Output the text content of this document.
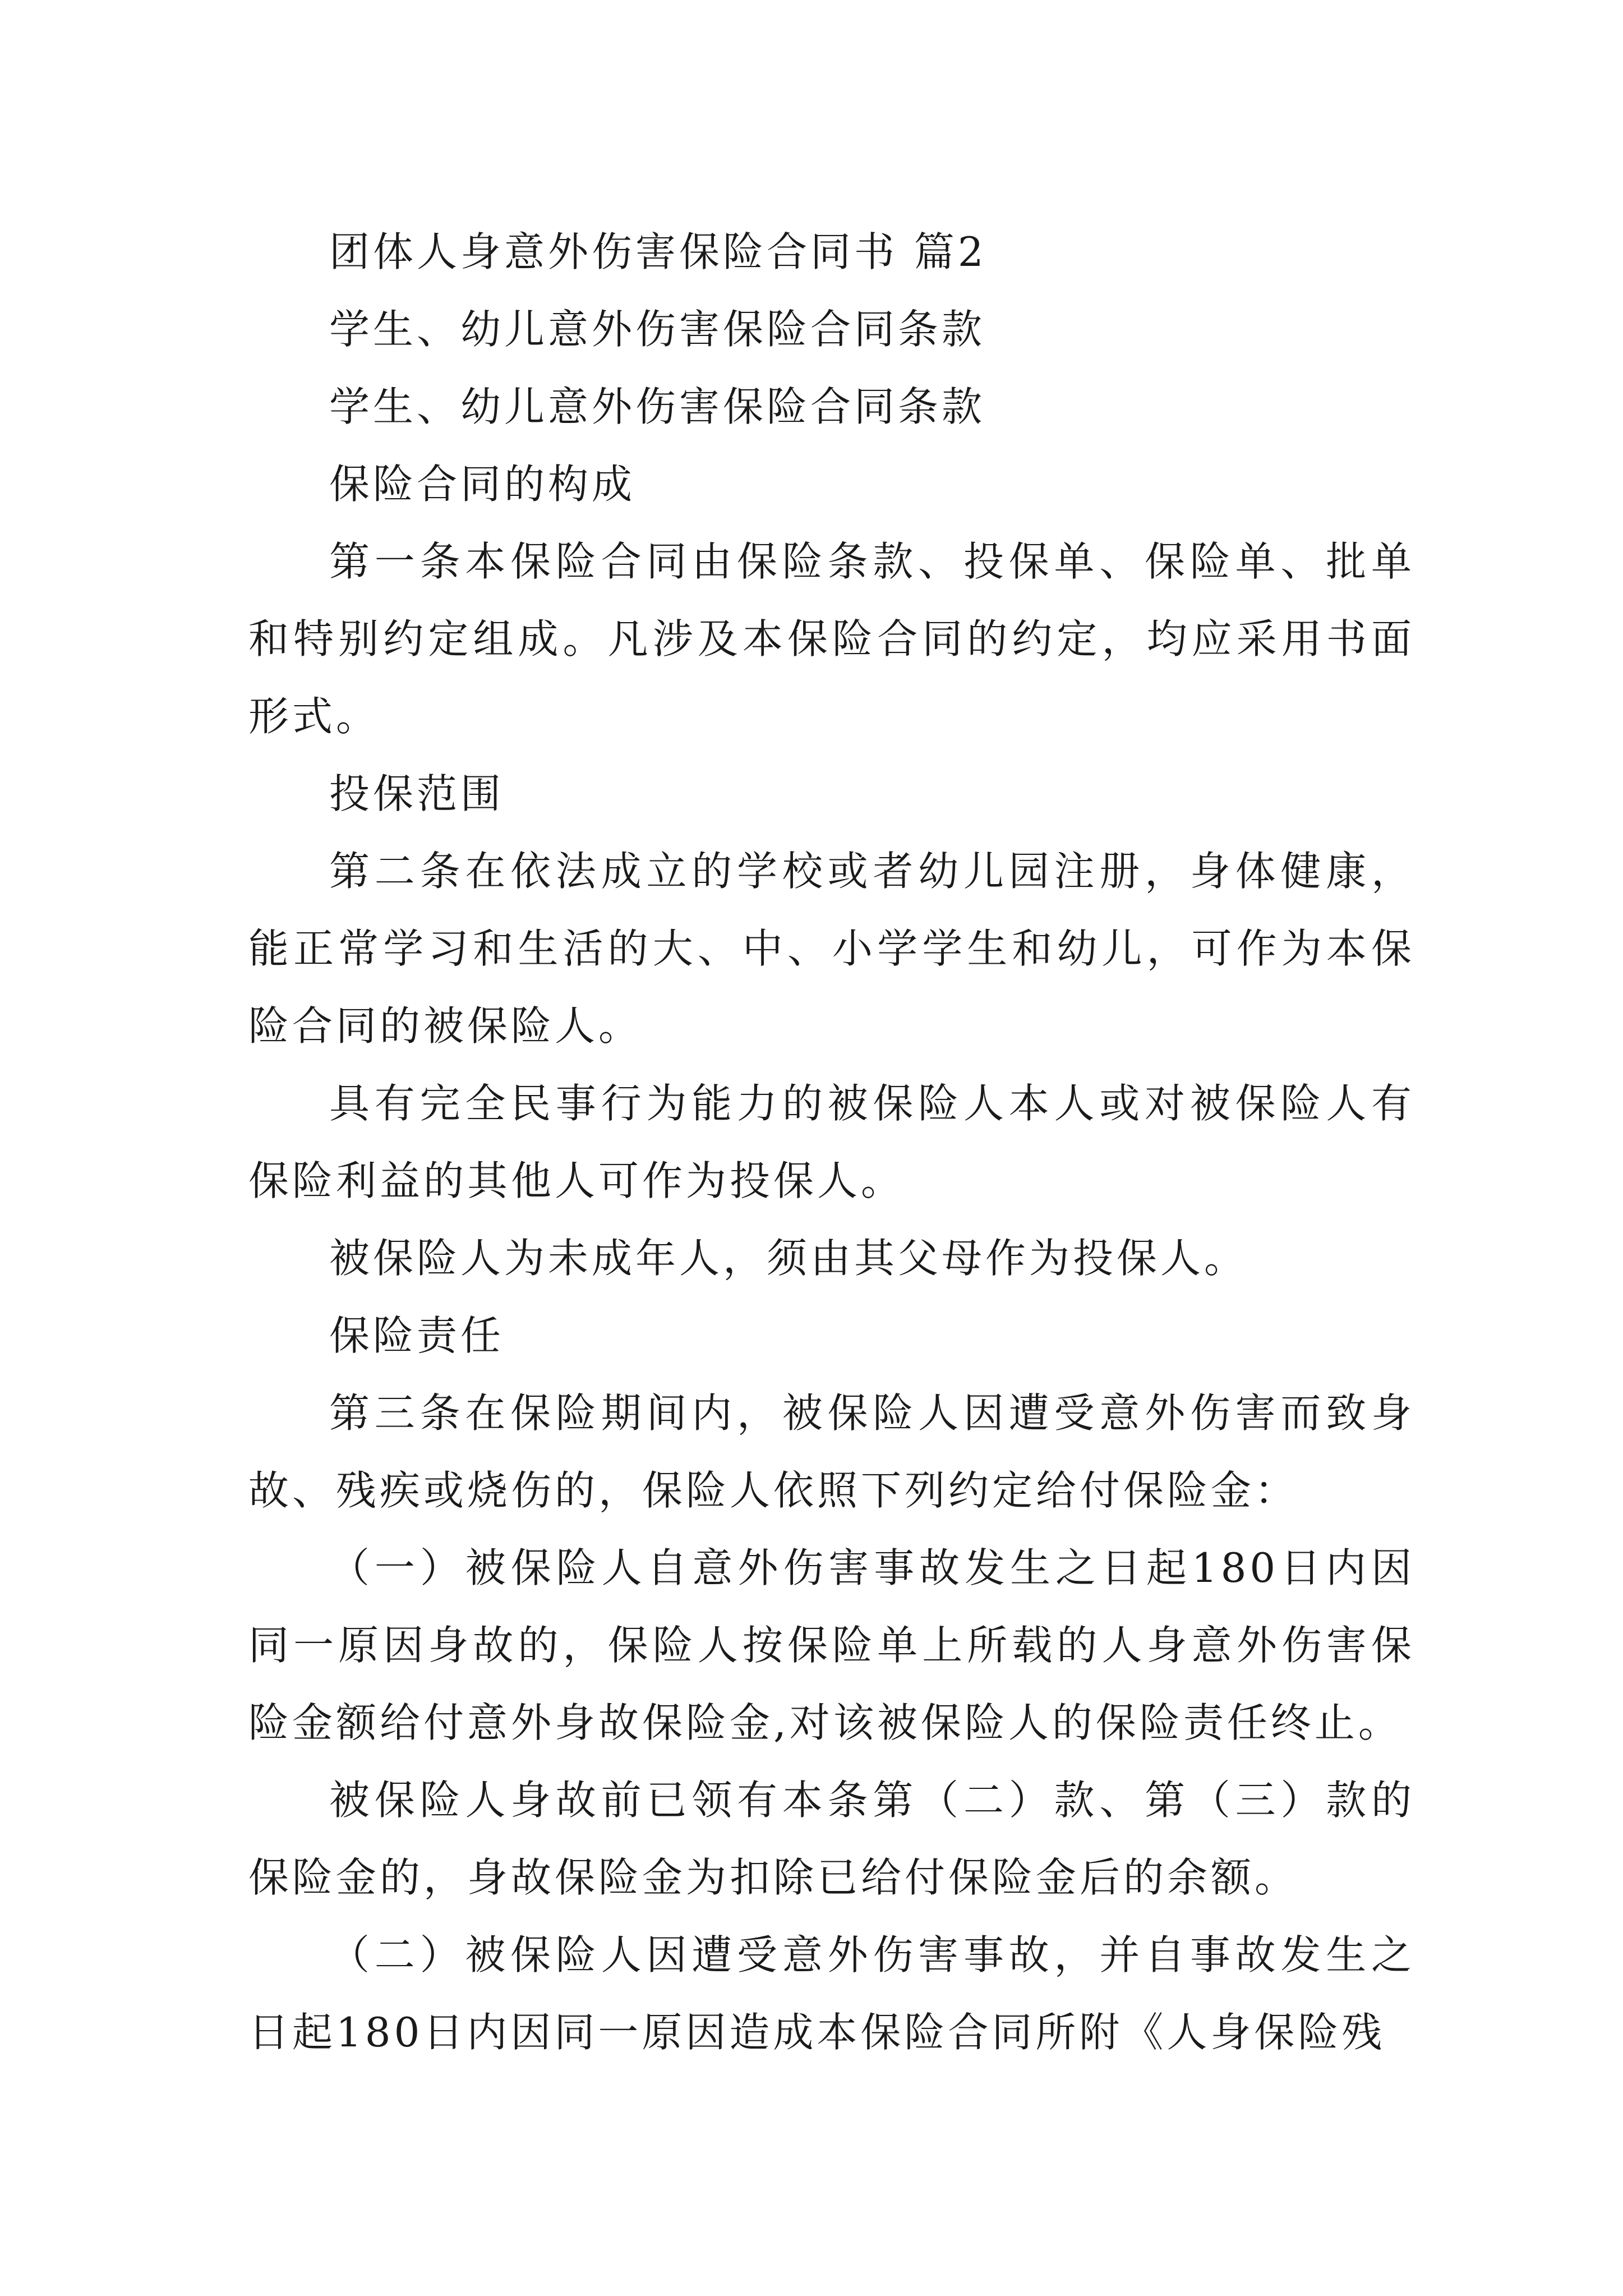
团体人身意外伤害保险合同书 篇2

学生、幼儿意外伤害保险合同条款

学生、幼儿意外伤害保险合同条款

保险合同的构成

第一条本保险合同由保险条款、投保单、保险单、批单和特别约定组成。凡涉及本保险合同的约定，均应采用书面形式。

投保范围

第二条在依法成立的学校或者幼儿园注册，身体健康，能正常学习和生活的大、中、小学学生和幼儿，可作为本保险合同的被保险人。

具有完全民事行为能力的被保险人本人或对被保险人有保险利益的其他人可作为投保人。

被保险人为未成年人，须由其父母作为投保人。

保险责任

第三条在保险期间内，被保险人因遭受意外伤害而致身故、残疾或烧伤的，保险人依照下列约定给付保险金：

（一）被保险人自意外伤害事故发生之日起180日内因同一原因身故的，保险人按保险单上所载的人身意外伤害保险金额给付意外身故保险金,对该被保险人的保险责任终止。

被保险人身故前已领有本条第（二）款、第（三）款的保险金的，身故保险金为扣除已给付保险金后的余额。

（二）被保险人因遭受意外伤害事故，并自事故发生之日起180日内因同一原因造成本保险合同所附《人身保险残
